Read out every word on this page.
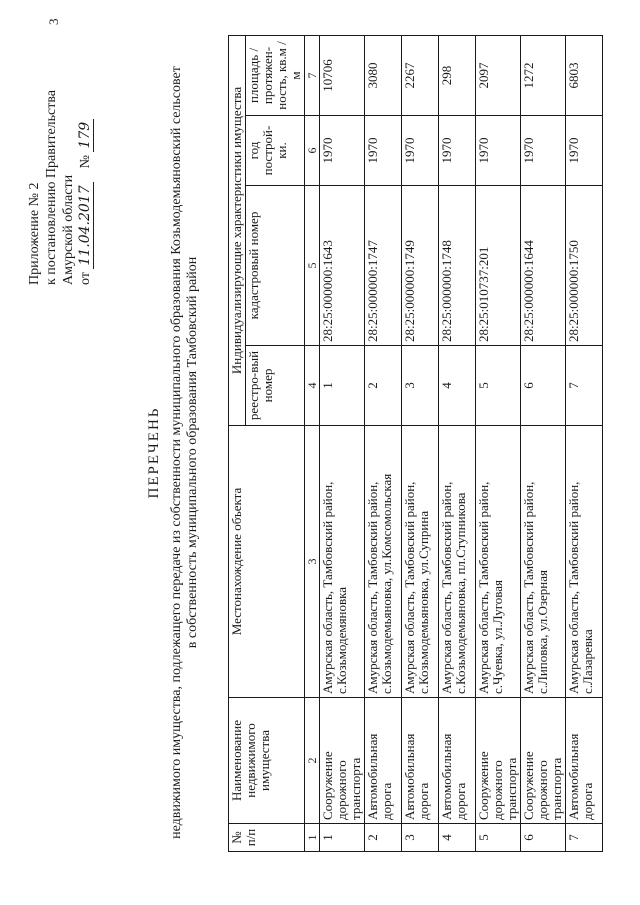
3
Приложение № 2 к постановлению Правительства Амурской области от 11.04.2017    № 179
ПЕРЕЧЕНЬ недвижимого имущества, подлежащего передаче из собственности муниципального образования Козьмодемьяновский сельсовет в собственность муниципального образования Тамбовский район
№ п/п	Наименование недвижимого имущества	Местонахождение объекта	Индивидуализирующие характеристики имущества			
			реестро-вый номер	кадастровый номер	год построй-ки.	площадь / протяжен-ность, кв.м / м
1	2	3	4	5	6	7
1	Сооружение дорожного транспорта	Амурская область, Тамбовский район, с.Козьмодемяновка	1	28:25:000000:1643	1970	10706
2	Автомобильная дорога	Амурская область, Тамбовский район, с.Козьмодемьяновка, ул.Комсомольская	2	28:25:000000:1747	1970	3080
3	Автомобильная дорога	Амурская область, Тамбовский район, с.Козьмодемьяновка, ул.Суприна	3	28:25:000000:1749	1970	2267
4	Автомобильная дорога	Амурская область, Тамбовский район, с.Козьмодемьяновка, пл.Ступникова	4	28:25:000000:1748	1970	298
5	Сооружение дорожного транспорта	Амурская область, Тамбовский район, с.Чуевка, ул.Луговая	5	28:25:010737:201	1970	2097
6	Сооружение дорожного транспорта	Амурская область, Тамбовский район, с.Липовка, ул.Озерная	6	28:25:000000:1644	1970	1272
7	Автомобильная дорога	Амурская область, Тамбовский район, с.Лазаревка	7	28:25:000000:1750	1970	6803
